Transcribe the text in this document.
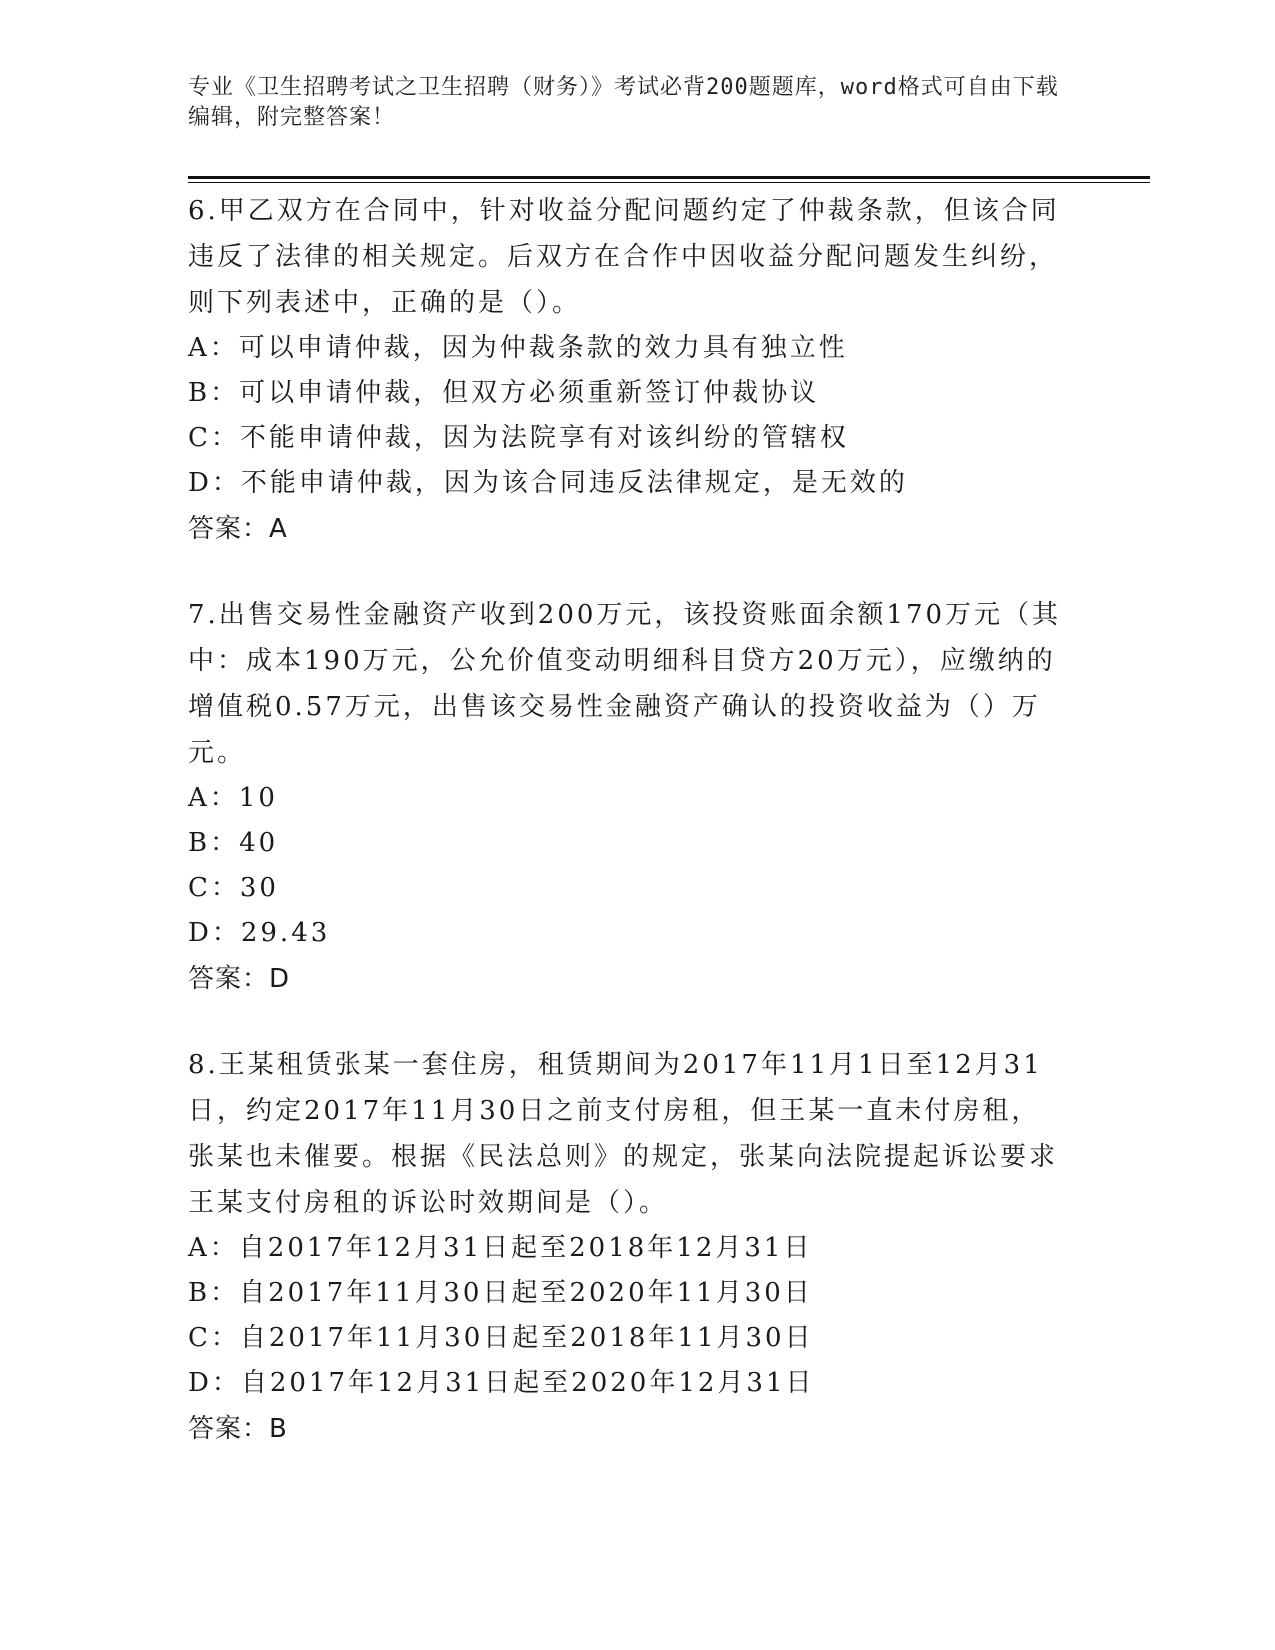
专业《卫生招聘考试之卫生招聘（财务）》考试必背200题题库，word格式可自由下载编辑，附完整答案！

6.甲乙双方在合同中，针对收益分配问题约定了仲裁条款，但该合同违反了法律的相关规定。后双方在合作中因收益分配问题发生纠纷，则下列表述中，正确的是（）。

A：可以申请仲裁，因为仲裁条款的效力具有独立性

B：可以申请仲裁，但双方必须重新签订仲裁协议

C：不能申请仲裁，因为法院享有对该纠纷的管辖权

D：不能申请仲裁，因为该合同违反法律规定，是无效的

答案：A

7.出售交易性金融资产收到200万元，该投资账面余额170万元（其中：成本190万元，公允价值变动明细科目贷方20万元），应缴纳的增值税0.57万元，出售该交易性金融资产确认的投资收益为（）万元。

A：10

B：40

C：30

D：29.43

答案：D

8.王某租赁张某一套住房，租赁期间为2017年11月1日至12月31日，约定2017年11月30日之前支付房租，但王某一直未付房租，张某也未催要。根据《民法总则》的规定，张某向法院提起诉讼要求王某支付房租的诉讼时效期间是（）。

A：自2017年12月31日起至2018年12月31日

B：自2017年11月30日起至2020年11月30日

C：自2017年11月30日起至2018年11月30日

D：自2017年12月31日起至2020年12月31日

答案：B
